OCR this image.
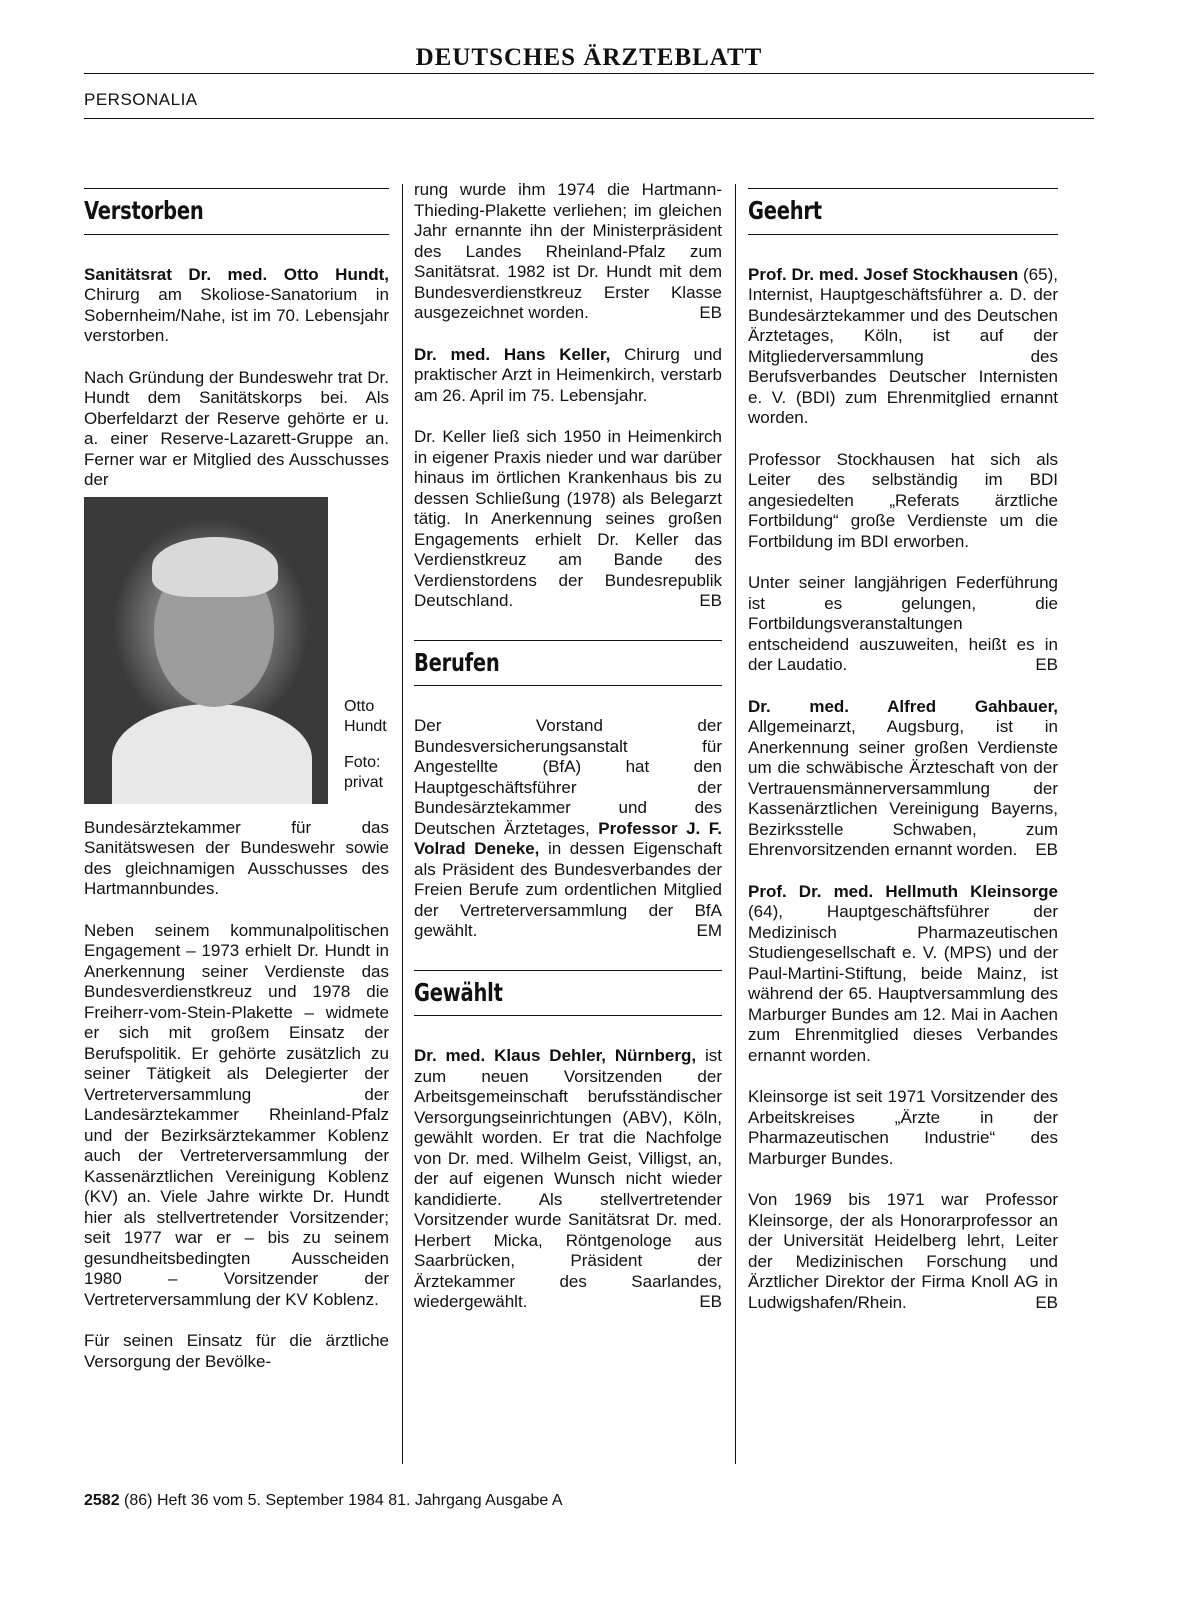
DEUTSCHES ÄRZTEBLATT
PERSONALIA
Verstorben

Sanitätsrat Dr. med. Otto Hundt, Chirurg am Skoliose-Sanatorium in Sobernheim/Nahe, ist im 70. Lebensjahr verstorben.

Nach Gründung der Bundeswehr trat Dr. Hundt dem Sanitätskorps bei. Als Oberfeldarzt der Reserve gehörte er u. a. einer Reserve-Lazarett-Gruppe an. Ferner war er Mitglied des Ausschusses der

Otto Hundt
Foto: privat

Bundesärztekammer für das Sanitätswesen der Bundeswehr sowie des gleichnamigen Ausschusses des Hartmannbundes.

Neben seinem kommunalpolitischen Engagement – 1973 erhielt Dr. Hundt in Anerkennung seiner Verdienste das Bundesverdienstkreuz und 1978 die Freiherr-vom-Stein-Plakette – widmete er sich mit großem Einsatz der Berufspolitik. Er gehörte zusätzlich zu seiner Tätigkeit als Delegierter der Vertreterversammlung der Landesärztekammer Rheinland-Pfalz und der Bezirksärztekammer Koblenz auch der Vertreterversammlung der Kassenärztlichen Vereinigung Koblenz (KV) an. Viele Jahre wirkte Dr. Hundt hier als stellvertretender Vorsitzender; seit 1977 war er – bis zu seinem gesundheitsbedingten Ausscheiden 1980 – Vorsitzender der Vertreterversammlung der KV Koblenz.

Für seinen Einsatz für die ärztliche Versorgung der Bevölke-

rung wurde ihm 1974 die Hartmann-Thieding-Plakette verliehen; im gleichen Jahr ernannte ihn der Ministerpräsident des Landes Rheinland-Pfalz zum Sanitätsrat. 1982 ist Dr. Hundt mit dem Bundesverdienstkreuz Erster Klasse ausgezeichnet worden.	EB

Dr. med. Hans Keller, Chirurg und praktischer Arzt in Heimenkirch, verstarb am 26. April im 75. Lebensjahr.

Dr. Keller ließ sich 1950 in Heimenkirch in eigener Praxis nieder und war darüber hinaus im örtlichen Krankenhaus bis zu dessen Schließung (1978) als Belegarzt tätig. In Anerkennung seines großen Engagements erhielt Dr. Keller das Verdienstkreuz am Bande des Verdienstordens der Bundesrepublik Deutschland.	EB

Berufen

Der Vorstand der Bundesversicherungsanstalt für Angestellte (BfA) hat den Hauptgeschäftsführer der Bundesärztekammer und des Deutschen Ärztetages, Professor J. F. Volrad Deneke, in dessen Eigenschaft als Präsident des Bundesverbandes der Freien Berufe zum ordentlichen Mitglied der Vertreterversammlung der BfA gewählt.	EM

Gewählt

Dr. med. Klaus Dehler, Nürnberg, ist zum neuen Vorsitzenden der Arbeitsgemeinschaft berufsständischer Versorgungseinrichtungen (ABV), Köln, gewählt worden. Er trat die Nachfolge von Dr. med. Wilhelm Geist, Villigst, an, der auf eigenen Wunsch nicht wieder kandidierte. Als stellvertretender Vorsitzender wurde Sanitätsrat Dr. med. Herbert Micka, Röntgenologe aus Saarbrücken, Präsident der Ärztekammer des Saarlandes, wiedergewählt.	EB

Geehrt

Prof. Dr. med. Josef Stockhausen (65), Internist, Hauptgeschäftsführer a. D. der Bundesärztekammer und des Deutschen Ärztetages, Köln, ist auf der Mitgliederversammlung des Berufsverbandes Deutscher Internisten e. V. (BDI) zum Ehrenmitglied ernannt worden.

Professor Stockhausen hat sich als Leiter des selbständig im BDI angesiedelten „Referats ärztliche Fortbildung“ große Verdienste um die Fortbildung im BDI erworben.

Unter seiner langjährigen Federführung ist es gelungen, die Fortbildungsveranstaltungen entscheidend auszuweiten, heißt es in der Laudatio.	EB

Dr. med. Alfred Gahbauer, Allgemeinarzt, Augsburg, ist in Anerkennung seiner großen Verdienste um die schwäbische Ärzteschaft von der Vertrauensmännerversammlung der Kassenärztlichen Vereinigung Bayerns, Bezirksstelle Schwaben, zum Ehrenvorsitzenden ernannt worden. EB

Prof. Dr. med. Hellmuth Kleinsorge (64), Hauptgeschäftsführer der Medizinisch Pharmazeutischen Studiengesellschaft e. V. (MPS) und der Paul-Martini-Stiftung, beide Mainz, ist während der 65. Hauptversammlung des Marburger Bundes am 12. Mai in Aachen zum Ehrenmitglied dieses Verbandes ernannt worden.

Kleinsorge ist seit 1971 Vorsitzender des Arbeitskreises „Ärzte in der Pharmazeutischen Industrie“ des Marburger Bundes.

Von 1969 bis 1971 war Professor Kleinsorge, der als Honorarprofessor an der Universität Heidelberg lehrt, Leiter der Medizinischen Forschung und Ärztlicher Direktor der Firma Knoll AG in Ludwigshafen/Rhein.	EB

2582 (86) Heft 36 vom 5. September 1984 81. Jahrgang Ausgabe A
